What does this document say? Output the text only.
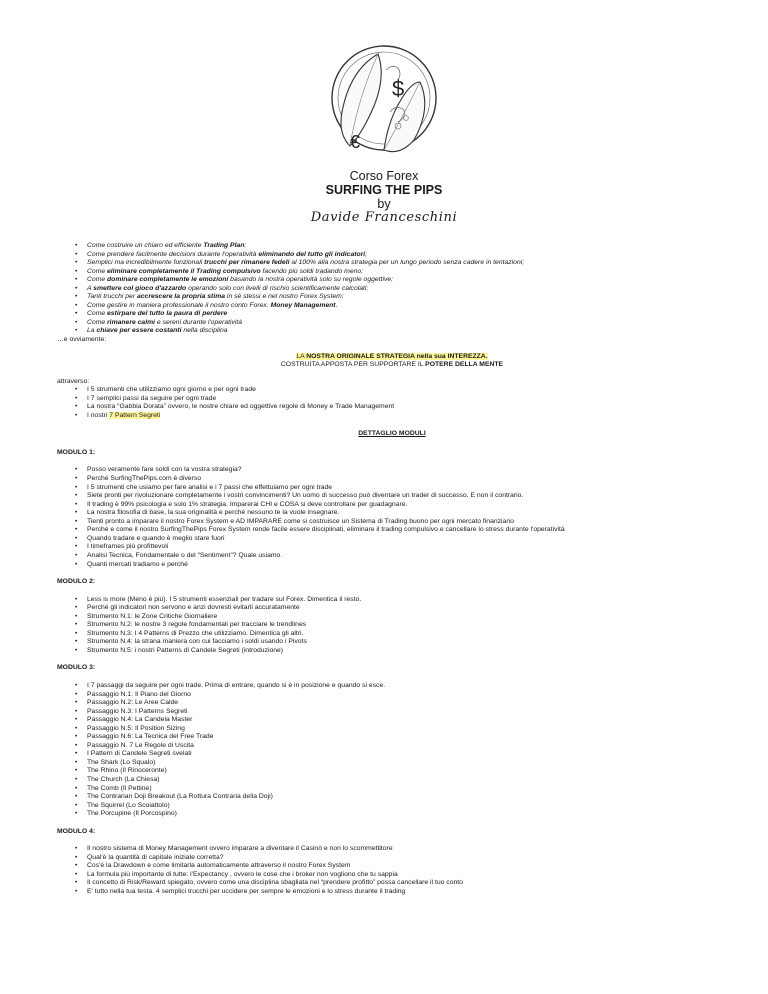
$
€
Corso Forex
SURFING THE PIPS
by
Davide Franceschini
• Come costruire un chiaro ed efficiente Trading Plan;
• Come prendere facilmente decisioni durante l'operatività eliminando del tutto gli indicatori;
• Semplici ma incredibilmente funzionali trucchi per rimanere fedeli al 100% alla nostra strategia per un lungo periodo senza cadere in tentazioni;
• Come eliminare completamente il Trading compulsivo facendo più soldi tradando meno;
• Come dominare completamente le emozioni basando la nostra operatività solo su regole oggettive;
• A smettere col gioco d'azzardo operando solo con livelli di rischio scientificamente calcolati;
• Tanti trucchi per accrescere la propria stima in sè stessi e nel nostro Forex System;
• Come gestire in maniera professionale il nostro conto Forex. Money Management.
• Come estirpare del tutto la paura di perdere
• Come rimanere calmi e sereni durante l'operatività
• La chiave per essere costanti nella disciplina
…e ovviamente:
LA NOSTRA ORIGINALE STRATEGIA nella sua INTEREZZA.
COSTRUITA APPOSTA PER SUPPORTARE IL POTERE DELLA MENTE
attraverso:
• I 5 strumenti che utilizziamo ogni giorno e per ogni trade
• I 7 semplici passi da seguire per ogni trade
• La nostra “Gabbia Dorata” ovvero, le nostre chiare ed oggettive regole di Money e Trade Management
• I nostri 7 Pattern Segreti
DETTAGLIO MODULI
MODULO 1:
• Posso veramente fare soldi con la vostra strategia?
• Perché SurfingThePips.com è diverso
• I 5 strumenti che usiamo per fare analisi e i 7 passi che effettuiamo per ogni trade
• Siete pronti per rivoluzionare completamente i vostri convincimenti? Un uomo di successo può diventare un trader di successo. E non il contrario.
• Il trading è 99% psicologia e solo 1% strategia. Imparerai CHI e COSA si deve controllare per guadagnare.
• La nostra filosofia di base, la sua originalità e perché nessuno te la vuole insegnare.
• Tienti pronto a imparare il nostro Forex System e AD IMPARARE come si costruisce un Sistema di Trading buono per ogni mercato finanziario
• Perché e come il nostro SurfingThePips Forex System rende facile essere disciplinati, eliminare il trading compulsivo e cancellare lo stress durante l'operatività
• Quando tradare e quando è meglio stare fuori
• I timeframes più profittevoli
• Analisi Tecnica, Fondamentale o del “Sentiment”? Quale usiamo.
• Quanti mercati tradiamo e perché
MODULO 2:
• Less is more (Meno è più). I 5 strumenti essenziali per tradare sul Forex. Dimentica il resto.
• Perché gli indicatori non servono e anzi dovresti evitarli accuratamente
• Strumento N.1: le Zone Critiche Giornaliere
• Strumento N.2: le nostre 3 regole fondamentali per tracciare le trendlines
• Strumento N.3: I 4 Patterns di Prezzo che utilizziamo. Dimentica gli altri.
• Strumento N.4: la strana maniera con cui facciamo i soldi usando i Pivots
• Strumento N.5: i nostri Patterns di Candele Segreti (introduzione)
MODULO 3:
• I 7 passaggi da seguire per ogni trade. Prima di entrare, quando si è in posizione e quando si esce.
• Passaggio N.1: Il Piano del Giorno
• Passaggio N.2: Le Aree Calde
• Passaggio N.3: I Patterns Segreti
• Passaggio N.4: La Candela Master
• Passaggio N.5: Il Position Sizing
• Passaggio N.6: La Tecnica del Free Trade
• Passaggio N. 7 Le Regole di Uscita
• I Pattern di Candele Segreti svelati
• The Shark (Lo Squalo)
• The Rhino (Il Rinoceronte)
• The Church (La Chiesa)
• The Comb (Il Pettine)
• The Contrarian Doji Breakout (La Rottura Contraria della Doji)
• The Squirrel (Lo Scoiattolo)
• The Porcupine (Il Porcospino)
MODULO 4:
• Il nostro sistema di Money Management ovvero imparare a diventare il Casinò e non lo scommettitore
• Qual'è la quantità di capitale iniziale corretta?
• Cos'è la Drawdown e come limitarla automaticamente attraverso il nostro Forex System
• La formula più importante di tutte: l'Expectancy , ovvero le cose che i broker non vogliono che tu sappia
• Il concetto di Risk/Reward spiegato, ovvero come una disciplina sbagliata nel “prendere profitto” possa cancellare il tuo conto
• E' tutto nella tua testa. 4 semplici trucchi per uccidere per sempre le emozioni e lo stress durante il trading
